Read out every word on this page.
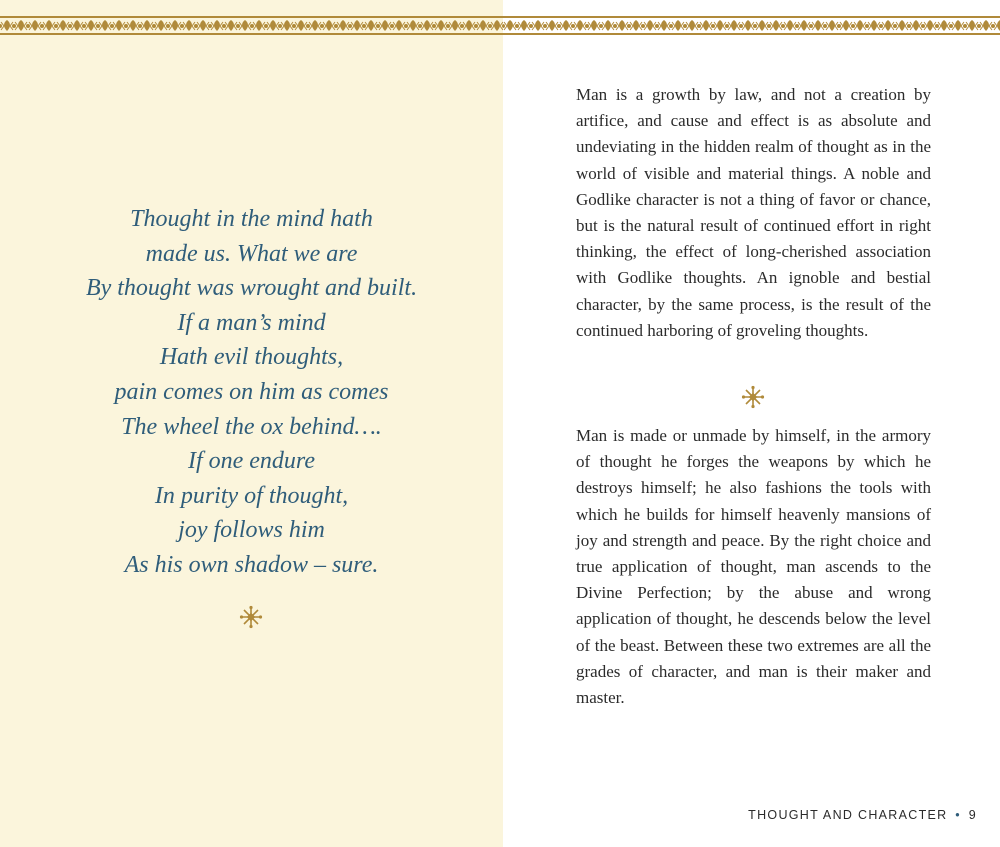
Thought in the mind hath
made us. What we are
By thought was wrought and built.
If a man’s mind
Hath evil thoughts,
pain comes on him as comes
The wheel the ox behind….
If one endure
In purity of thought,
joy follows him
As his own shadow – sure.

Man is a growth by law, and not a creation by artifice, and cause and effect is as absolute and undeviating in the hidden realm of thought as in the world of visible and material things. A noble and Godlike character is not a thing of favor or chance, but is the natural result of continued effort in right thinking, the effect of long-cherished association with Godlike thoughts. An ignoble and bestial character, by the same process, is the result of the continued harboring of groveling thoughts.

Man is made or unmade by himself, in the armory of thought he forges the weapons by which he destroys himself; he also fashions the tools with which he builds for himself heavenly mansions of joy and strength and peace. By the right choice and true application of thought, man ascends to the Divine Perfection; by the abuse and wrong application of thought, he descends below the level of the beast. Between these two extremes are all the grades of character, and man is their maker and master.

THOUGHT AND CHARACTER • 9
